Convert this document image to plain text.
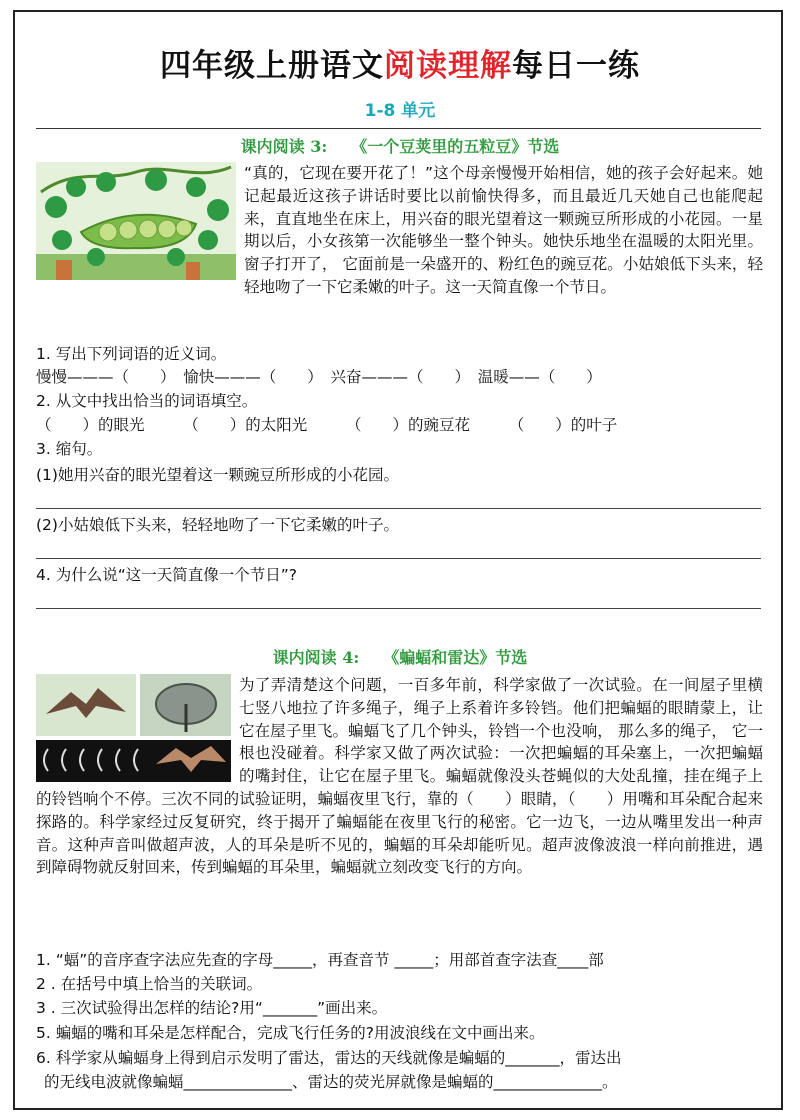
四年级上册语文阅读理解每日一练
1-8 单元
课内阅读 3: 《一个豆荚里的五粒豆》节选
“真的，它现在要开花了！”这个母亲慢慢开始相信，她的孩子会好起来。她记起最近这孩子讲话时要比以前愉快得多，而且最近几天她自己也能爬起来，直直地坐在床上，用兴奋的眼光望着这一颗豌豆所形成的小花园。一星期以后，小女孩第一次能够坐一整个钟头。她快乐地坐在温暖的太阳光里。窗子打开了， 它面前是一朵盛开的、粉红色的豌豆花。小姑娘低下头来，轻轻地吻了一下它柔嫩的叶子。这一天简直像一个节日。
1. 写出下列词语的近义词。
慢慢———（　　）　愉快———（　　）　兴奋———（　　）　温暖——（　　）
2. 从文中找出恰当的词语填空。
（　　）的眼光　　　（　　）的太阳光　　　（　　）的豌豆花　　　（　　）的叶子
3. 缩句。
(1)她用兴奋的眼光望着这一颗豌豆所形成的小花园。
(2)小姑娘低下头来，轻轻地吻了一下它柔嫩的叶子。
4. 为什么说“这一天简直像一个节日”?
课内阅读 4: 《蝙蝠和雷达》节选
为了弄清楚这个问题，一百多年前，科学家做了一次试验。在一间屋子里横七竖八地拉了许多绳子，绳子上系着许多铃铛。他们把蝙蝠的眼睛蒙上，让它在屋子里飞。蝙蝠飞了几个钟头，铃铛一个也没响， 那么多的绳子， 它一根也没碰着。科学家又做了两次试验：一次把蝙蝠的耳朵塞上，一次把蝙蝠的嘴封住，让它在屋子里飞。蝙蝠就像没头苍蝇似的大处乱撞，挂在绳子上的铃铛响个不停。三次不同的试验证明，蝙蝠夜里飞行，靠的（　　）眼睛，（　　）用嘴和耳朵配合起来探路的。科学家经过反复研究，终于揭开了蝙蝠能在夜里飞行的秘密。它一边飞，一边从嘴里发出一种声音。这种声音叫做超声波，人的耳朵是听不见的，蝙蝠的耳朵却能听见。超声波像波浪一样向前推进，遇到障碍物就反射回来，传到蝙蝠的耳朵里，蝙蝠就立刻改变飞行的方向。
1. “蝠”的音序查字法应先查的字母_____，再查音节 _____；用部首查字法查____部
2 . 在括号中填上恰当的关联词。
3 . 三次试验得出怎样的结论?用“_______”画出来。
5. 蝙蝠的嘴和耳朵是怎样配合，完成飞行任务的?用波浪线在文中画出来。
6. 科学家从蝙蝠身上得到启示发明了雷达，雷达的天线就像是蝙蝠的_______，雷达出
的无线电波就像蝙蝠______________、雷达的荧光屏就像是蝙蝠的______________。
